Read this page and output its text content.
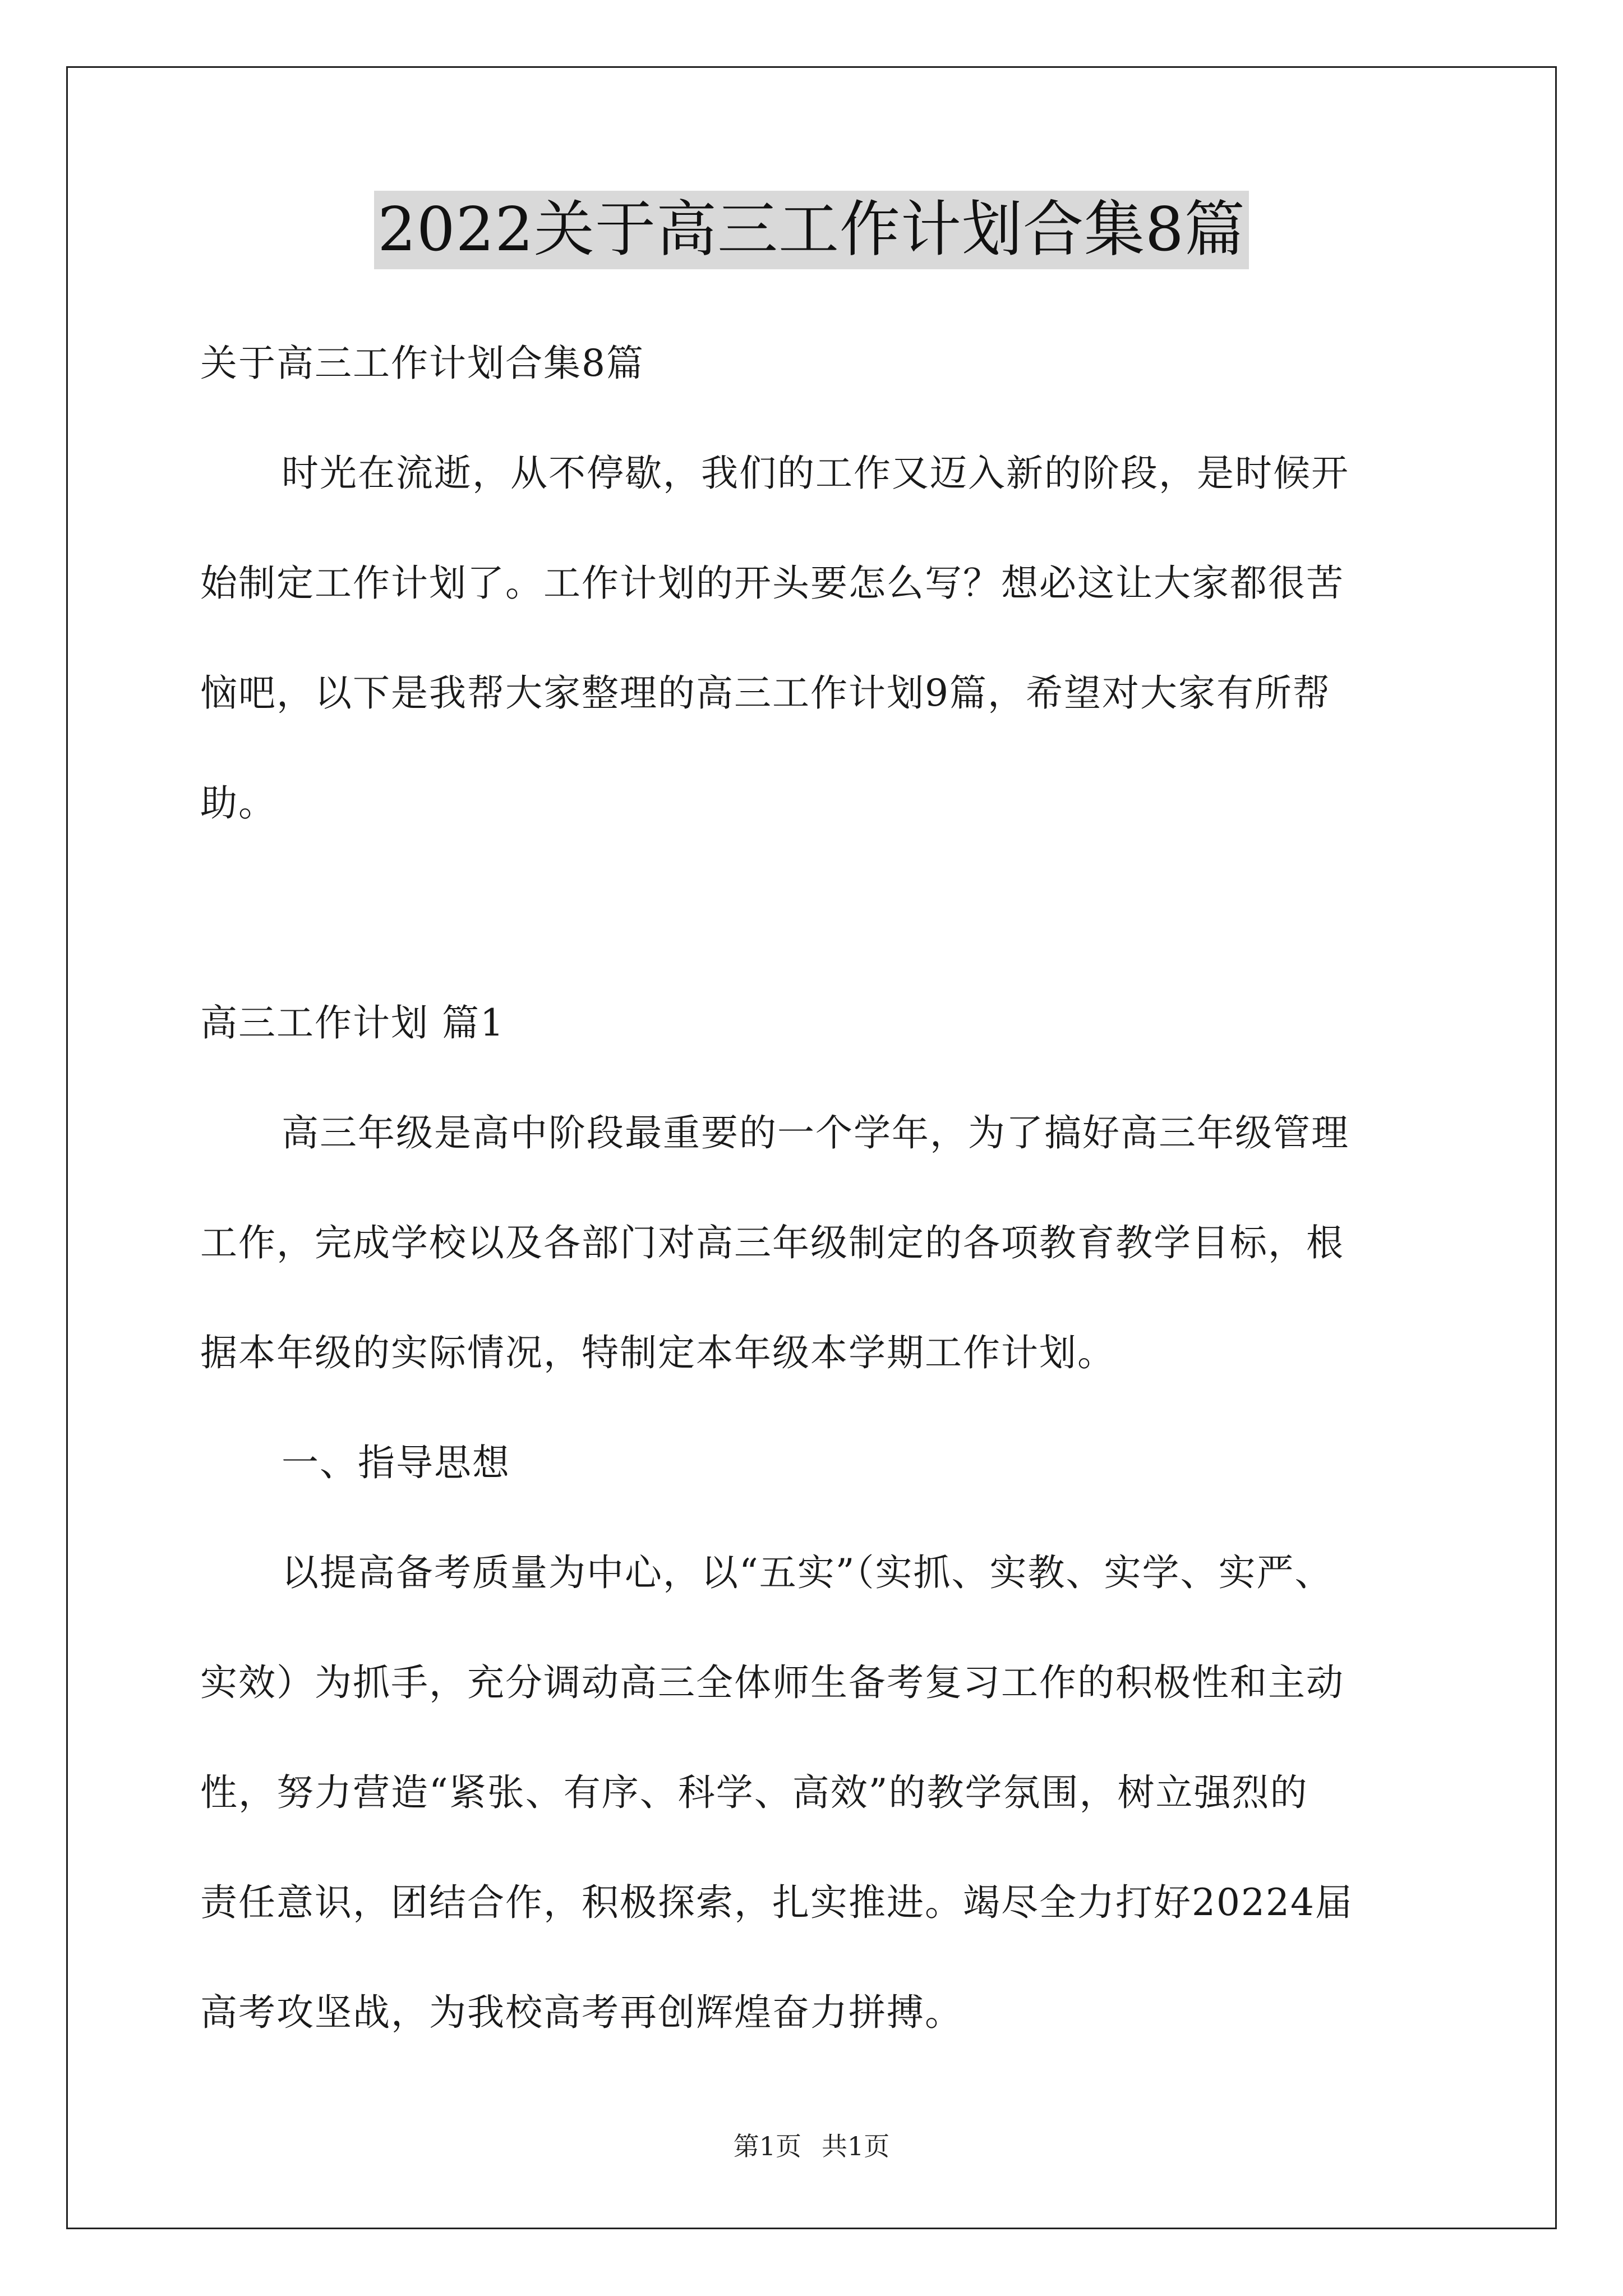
2022关于高三工作计划合集8篇
关于高三工作计划合集8篇
时光在流逝，从不停歇，我们的工作又迈入新的阶段，是时候开
始制定工作计划了。工作计划的开头要怎么写？想必这让大家都很苦
恼吧，以下是我帮大家整理的高三工作计划9篇，希望对大家有所帮
助。
高三工作计划 篇1
高三年级是高中阶段最重要的一个学年，为了搞好高三年级管理
工作，完成学校以及各部门对高三年级制定的各项教育教学目标，根
据本年级的实际情况，特制定本年级本学期工作计划。
一、指导思想
以提高备考质量为中心，以“五实”（实抓、实教、实学、实严、
实效）为抓手，充分调动高三全体师生备考复习工作的积极性和主动
性，努力营造“紧张、有序、科学、高效”的教学氛围，树立强烈的
责任意识，团结合作，积极探索，扎实推进。竭尽全力打好20224届
高考攻坚战，为我校高考再创辉煌奋力拼搏。
第1页 共1页
